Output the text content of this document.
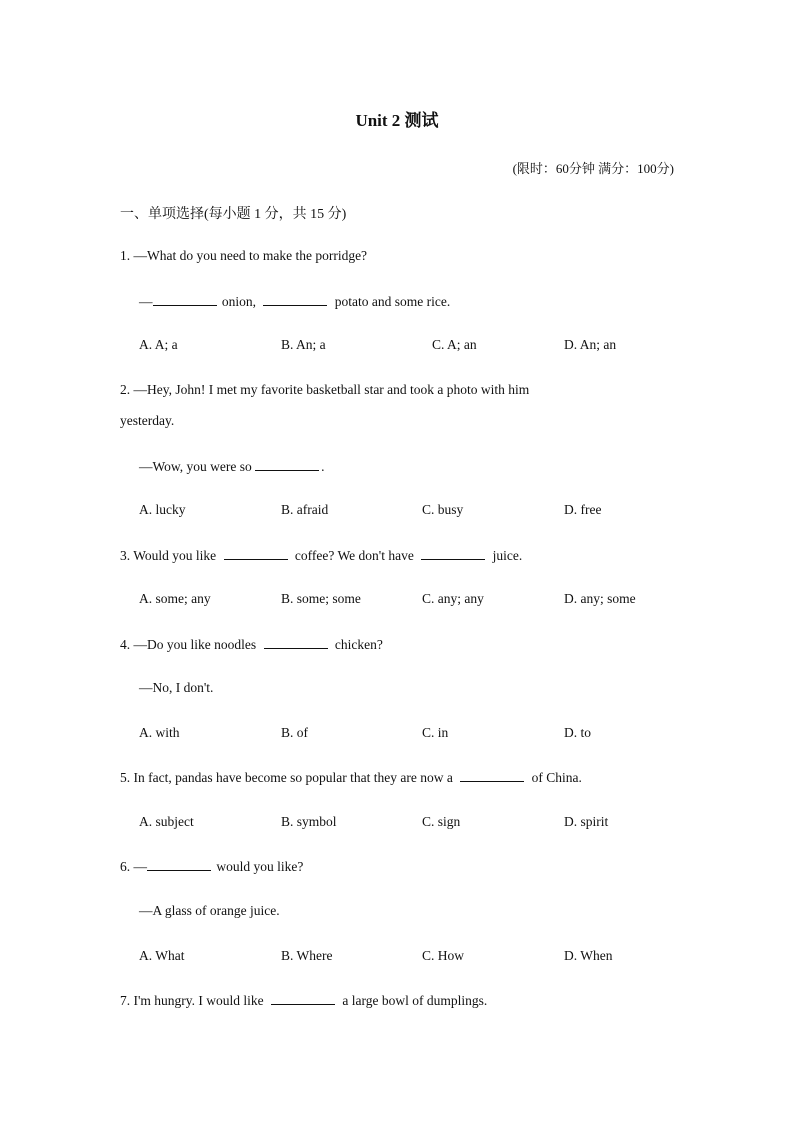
Unit 2 测试
(限时：60分钟 满分：100分)
一、单项选择(每小题 1 分，共 15 分)
1. —What do you need to make the porridge?
—	onion,	potato and some rice.
A. A; a	B. An; a	C. A; an	D. An; an
2. —Hey, John! I met my favorite basketball star and took a photo with him
yesterday.
—Wow, you were so	.
A. lucky	B. afraid	C. busy	D. free
3. Would you like	coffee? We don't have	juice.
A. some; any	B. some; some	C. any; any	D. any; some
4. —Do you like noodles	chicken?
—No, I don't.
A. with	B. of	C. in	D. to
5. In fact, pandas have become so popular that they are now a	of China.
A. subject	B. symbol	C. sign	D. spirit
6. —	would you like?
—A glass of orange juice.
A. What	B. Where	C. How	D. When
7. I'm hungry. I would like	a large bowl of dumplings.
